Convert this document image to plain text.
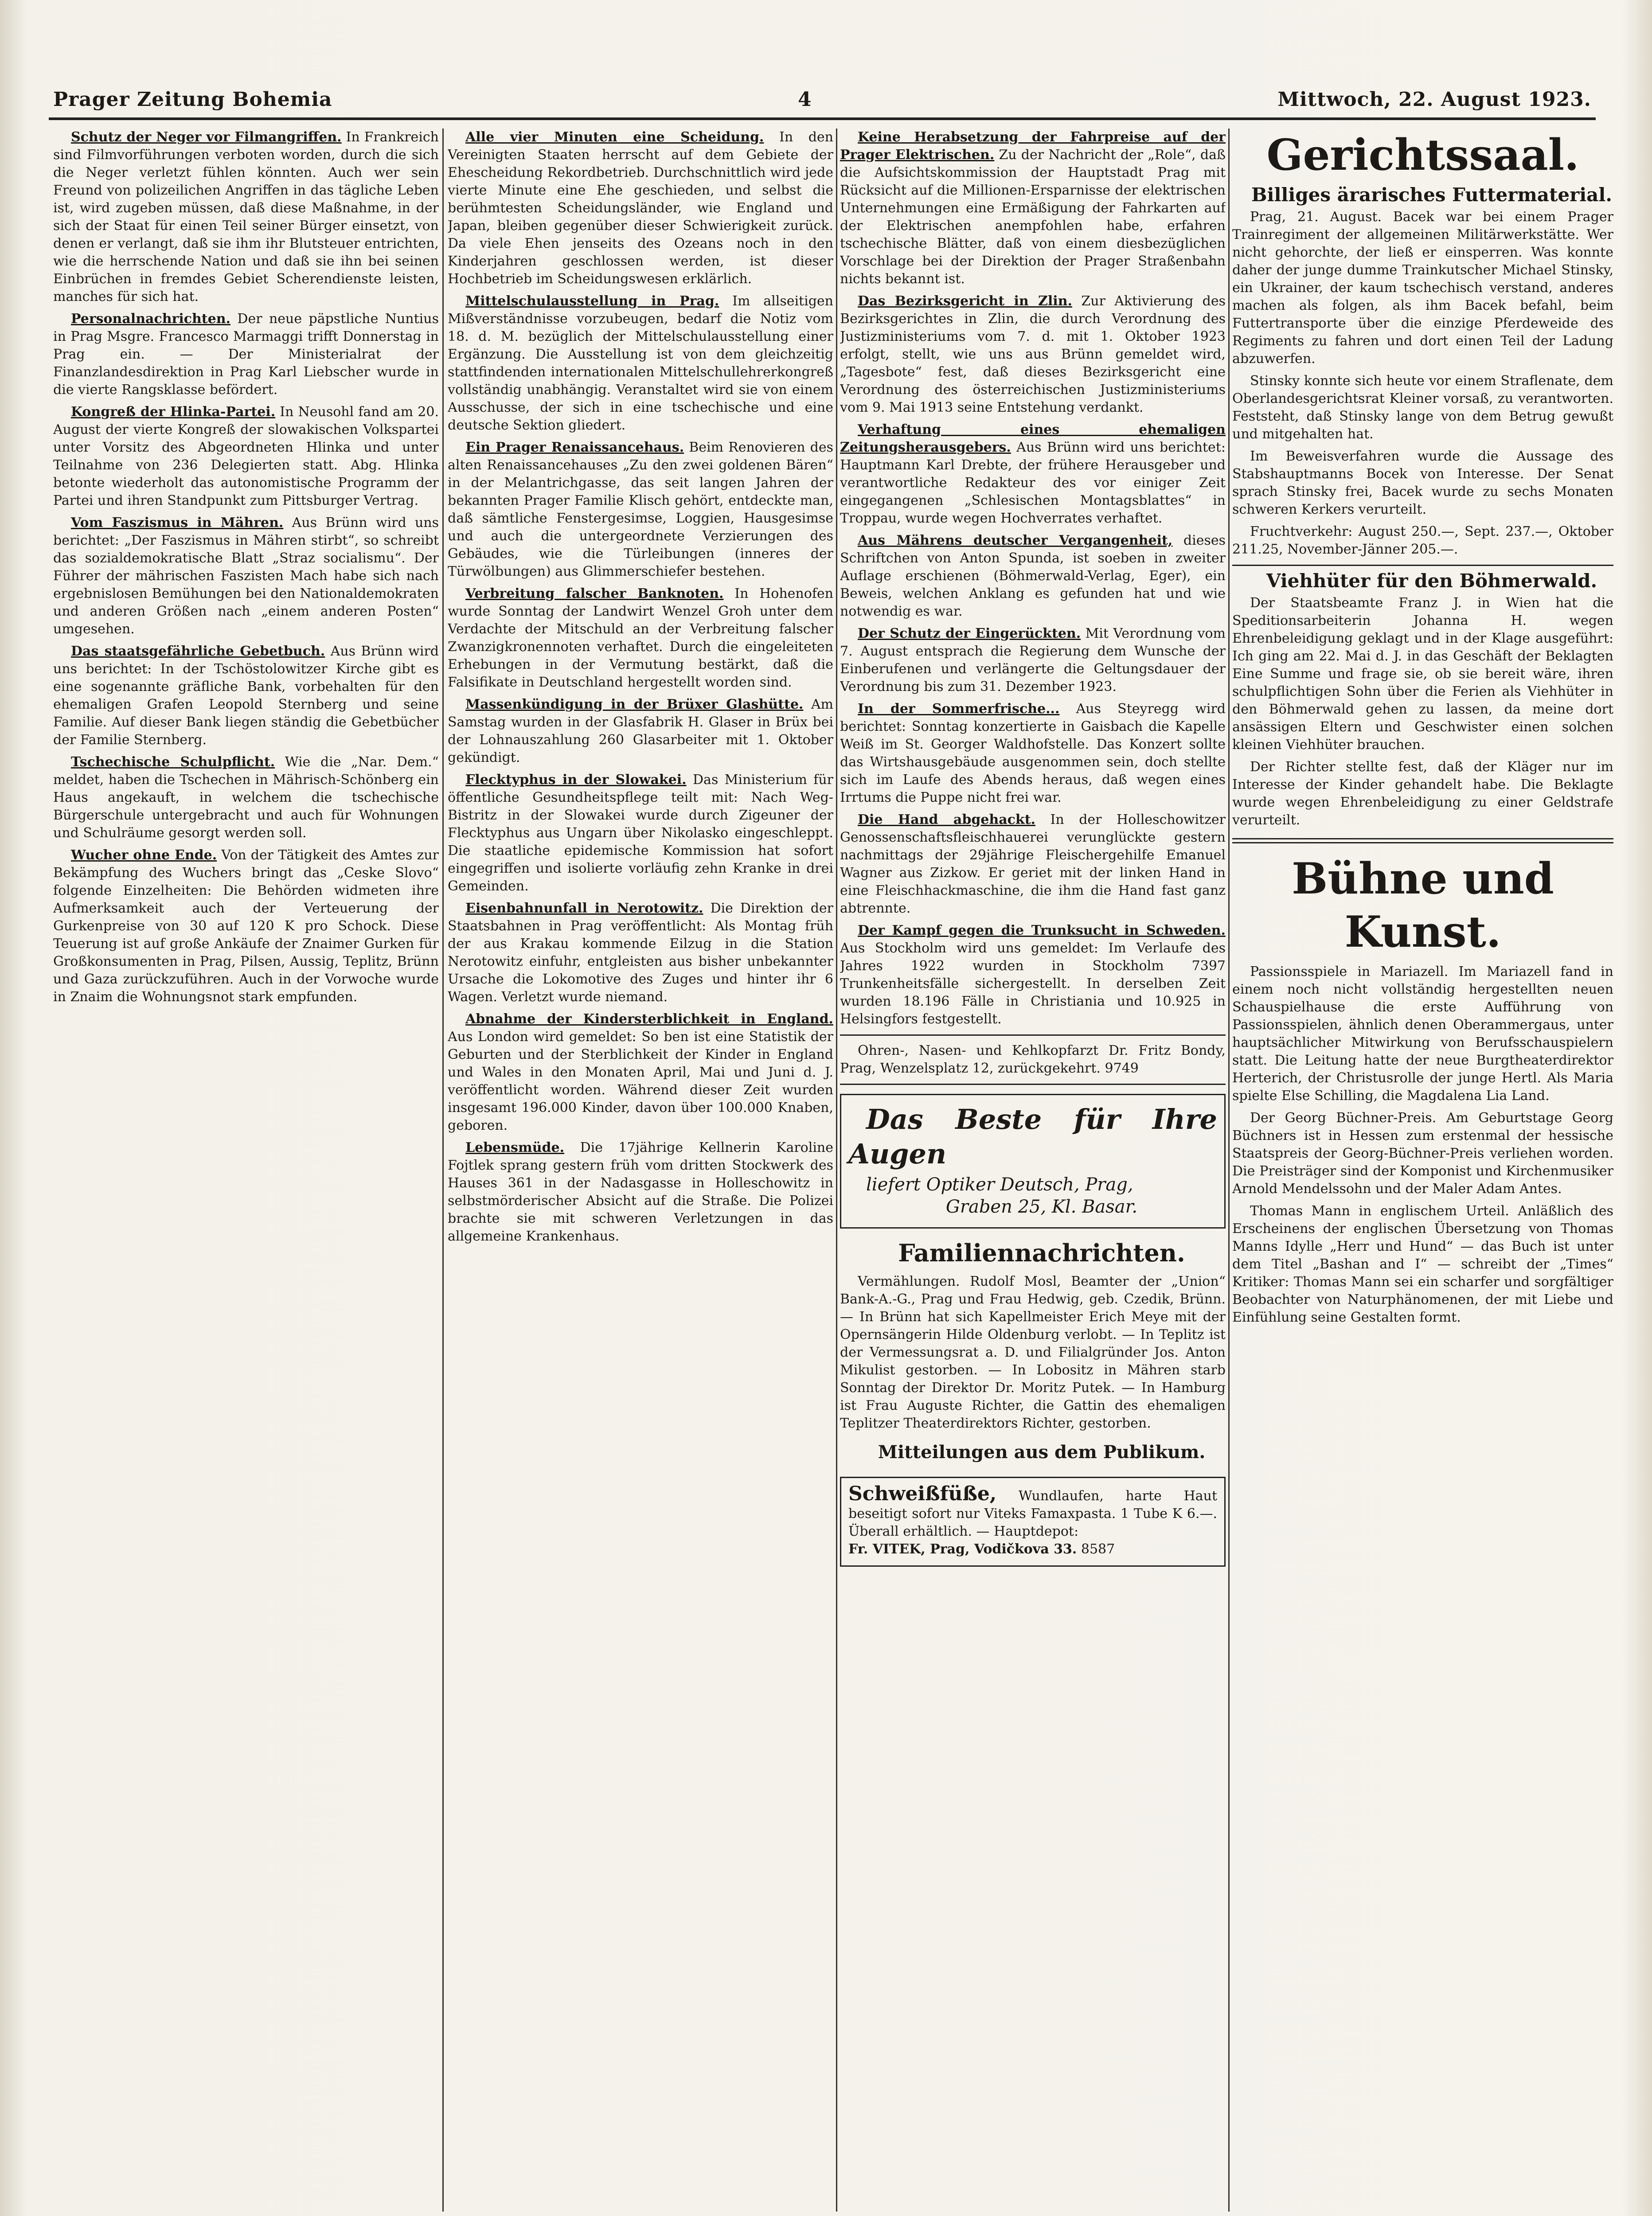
Prager Zeitung Bohemia	4	Mittwoch, 22. August 1923.

Schutz der Neger vor Filmangriffen. In Frankreich sind Filmvorführungen verboten worden, durch die sich die Neger verletzt fühlen könnten. Auch wer sein Freund von polizeilichen Angriffen in das tägliche Leben ist, wird zugeben müssen, daß diese Maßnahme, in der sich der Staat für einen Teil seiner Bürger einsetzt, von denen er verlangt, daß sie ihm ihr Blutsteuer entrichten, wie die herrschende Nation und daß sie ihn bei seinen Einbrüchen in fremdes Gebiet Scherendienste leisten, manches für sich hat.

Personalnachrichten. Der neue päpstliche Nuntius in Prag Msgre. Francesco Marmaggi trifft Donnerstag in Prag ein. — Der Ministerialrat der Finanzlandesdirektion in Prag Karl Liebscher wurde in die vierte Rangsklasse befördert.

Kongreß der Hlinka-Partei. In Neusohl fand am 20. August der vierte Kongreß der slowakischen Volkspartei unter Vorsitz des Abgeordneten Hlinka und unter Teilnahme von 236 Delegierten statt. Abg. Hlinka betonte wiederholt das autonomistische Programm der Partei und ihren Standpunkt zum Pittsburger Vertrag.

Vom Faszismus in Mähren. Aus Brünn wird uns berichtet: „Der Faszismus in Mähren stirbt“, so schreibt das sozialdemokratische Blatt „Straz socialismu“. Der Führer der mährischen Faszisten Mach habe sich nach ergebnislosen Bemühungen bei den Nationaldemokraten und anderen Größen nach „einem anderen Posten“ umgesehen.

Das staatsgefährliche Gebetbuch. Aus Brünn wird uns berichtet: In der Tschöstolowitzer Kirche gibt es eine sogenannte gräfliche Bank, vorbehalten für den ehemaligen Grafen Leopold Sternberg und seine Familie. Auf dieser Bank liegen ständig die Gebetbücher der Familie Sternberg.

Tschechische Schulpflicht. Wie die „Nar. Dem.“ meldet, haben die Tschechen in Mährisch-Schönberg ein Haus angekauft, in welchem die tschechische Bürgerschule untergebracht und auch für Wohnungen und Schulräume gesorgt werden soll.

Wucher ohne Ende. Von der Tätigkeit des Amtes zur Bekämpfung des Wuchers bringt das „Ceske Slovo“ folgende Einzelheiten: Die Behörden widmeten ihre Aufmerksamkeit auch der Verteuerung der Gurkenpreise von 30 auf 120 K pro Schock. Diese Teuerung ist auf große Ankäufe der Znaimer Gurken für Großkonsumenten in Prag, Pilsen, Aussig, Teplitz, Brünn und Gaza zurückzuführen. Auch in der Vorwoche wurde in Znaim die Wohnungsnot stark empfunden.

Alle vier Minuten eine Scheidung. In den Vereinigten Staaten herrscht auf dem Gebiete der Ehescheidung Rekordbetrieb. Durchschnittlich wird jede vierte Minute eine Ehe geschieden, und selbst die berühmtesten Scheidungsländer, wie England und Japan, bleiben gegenüber dieser Schwierigkeit zurück. Da viele Ehen jenseits des Ozeans noch in den Kinderjahren geschlossen werden, ist dieser Hochbetrieb im Scheidungswesen erklärlich.

Mittelschulausstellung in Prag. Im allseitigen Mißverständnisse vorzubeugen, bedarf die Notiz vom 18. d. M. bezüglich der Mittelschulausstellung einer Ergänzung. Die Ausstellung ist von dem gleichzeitig stattfindenden internationalen Mittelschullehrerkongreß vollständig unabhängig. Veranstaltet wird sie von einem Ausschusse, der sich in eine tschechische und eine deutsche Sektion gliedert.

Ein Prager Renaissancehaus. Beim Renovieren des alten Renaissancehauses „Zu den zwei goldenen Bären“ in der Melantrichgasse, das seit langen Jahren der bekannten Prager Familie Klisch gehört, entdeckte man, daß sämtliche Fenstergesimse, Loggien, Hausgesimse und auch die untergeordnete Verzierungen des Gebäudes, wie die Türleibungen (inneres der Türwölbungen) aus Glimmerschiefer bestehen.

Verbreitung falscher Banknoten. In Hohenofen wurde Sonntag der Landwirt Wenzel Groh unter dem Verdachte der Mitschuld an der Verbreitung falscher Zwanzigkronennoten verhaftet. Durch die eingeleiteten Erhebungen in der Vermutung bestärkt, daß die Falsifikate in Deutschland hergestellt worden sind.

Massenkündigung in der Brüxer Glashütte. Am Samstag wurden in der Glasfabrik H. Glaser in Brüx bei der Lohnauszahlung 260 Glasarbeiter mit 1. Oktober gekündigt.

Flecktyphus in der Slowakei. Das Ministerium für öffentliche Gesundheitspflege teilt mit: Nach Weg-Bistritz in der Slowakei wurde durch Zigeuner der Flecktyphus aus Ungarn über Nikolasko eingeschleppt. Die staatliche epidemische Kommission hat sofort eingegriffen und isolierte vorläufig zehn Kranke in drei Gemeinden.

Eisenbahnunfall in Nerotowitz. Die Direktion der Staatsbahnen in Prag veröffentlicht: Als Montag früh der aus Krakau kommende Eilzug in die Station Nerotowitz einfuhr, entgleisten aus bisher unbekannter Ursache die Lokomotive des Zuges und hinter ihr 6 Wagen. Verletzt wurde niemand.

Abnahme der Kindersterblichkeit in England. Aus London wird gemeldet: So ben ist eine Statistik der Geburten und der Sterblichkeit der Kinder in England und Wales in den Monaten April, Mai und Juni d. J. veröffentlicht worden. Während dieser Zeit wurden insgesamt 196.000 Kinder, davon über 100.000 Knaben, geboren.

Lebensmüde. Die 17jährige Kellnerin Karoline Fojtlek sprang gestern früh vom dritten Stockwerk des Hauses 361 in der Nadasgasse in Holleschowitz in selbstmörderischer Absicht auf die Straße. Die Polizei brachte sie mit schweren Verletzungen in das allgemeine Krankenhaus.

Keine Herabsetzung der Fahrpreise auf der Prager Elektrischen. Zu der Nachricht der „Role“, daß die Aufsichtskommission der Hauptstadt Prag mit Rücksicht auf die Millionen-Ersparnisse der elektrischen Unternehmungen eine Ermäßigung der Fahrkarten auf der Elektrischen anempfohlen habe, erfahren tschechische Blätter, daß von einem diesbezüglichen Vorschlage bei der Direktion der Prager Straßenbahn nichts bekannt ist.

Das Bezirksgericht in Zlin. Zur Aktivierung des Bezirksgerichtes in Zlin, die durch Verordnung des Justizministeriums vom 7. d. mit 1. Oktober 1923 erfolgt, stellt, wie uns aus Brünn gemeldet wird, „Tagesbote“ fest, daß dieses Bezirksgericht eine Verordnung des österreichischen Justizministeriums vom 9. Mai 1913 seine Entstehung verdankt.

Verhaftung eines ehemaligen Zeitungsherausgebers. Aus Brünn wird uns berichtet: Hauptmann Karl Drebte, der frühere Herausgeber und verantwortliche Redakteur des vor einiger Zeit eingegangenen „Schlesischen Montagsblattes“ in Troppau, wurde wegen Hochverrates verhaftet.

Aus Mährens deutscher Vergangenheit, dieses Schriftchen von Anton Spunda, ist soeben in zweiter Auflage erschienen (Böhmerwald-Verlag, Eger), ein Beweis, welchen Anklang es gefunden hat und wie notwendig es war.

Der Schutz der Eingerückten. Mit Verordnung vom 7. August entsprach die Regierung dem Wunsche der Einberufenen und verlängerte die Geltungsdauer der Verordnung bis zum 31. Dezember 1923.

In der Sommerfrische... Aus Steyregg wird berichtet: Sonntag konzertierte in Gaisbach die Kapelle Weiß im St. Georger Waldhofstelle. Das Konzert sollte das Wirtshausgebäude ausgenommen sein, doch stellte sich im Laufe des Abends heraus, daß wegen eines Irrtums die Puppe nicht frei war.

Die Hand abgehackt. In der Holleschowitzer Genossenschaftsfleischhauerei verunglückte gestern nachmittags der 29jährige Fleischergehilfe Emanuel Wagner aus Zizkow. Er geriet mit der linken Hand in eine Fleischhackmaschine, die ihm die Hand fast ganz abtrennte.

Der Kampf gegen die Trunksucht in Schweden. Aus Stockholm wird uns gemeldet: Im Verlaufe des Jahres 1922 wurden in Stockholm 7397 Trunkenheitsfälle sichergestellt. In derselben Zeit wurden 18.196 Fälle in Christiania und 10.925 in Helsingfors festgestellt.

Ohren-, Nasen- und Kehlkopfarzt Dr. Fritz Bondy, Prag, Wenzelsplatz 12, zurückgekehrt. 9749

Das Beste für Ihre Augen

liefert Optiker Deutsch, Prag,

Graben 25, Kl. Basar.

Familiennachrichten.

Vermählungen. Rudolf Mosl, Beamter der „Union“ Bank-A.-G., Prag und Frau Hedwig, geb. Czedik, Brünn. — In Brünn hat sich Kapellmeister Erich Meye mit der Opernsängerin Hilde Oldenburg verlobt. — In Teplitz ist der Vermessungsrat a. D. und Filialgründer Jos. Anton Mikulist gestorben. — In Lobositz in Mähren starb Sonntag der Direktor Dr. Moritz Putek. — In Hamburg ist Frau Auguste Richter, die Gattin des ehemaligen Teplitzer Theaterdirektors Richter, gestorben.

Mitteilungen aus dem Publikum.

Schweißfüße, Wundlaufen, harte Haut beseitigt sofort nur Viteks Famaxpasta. 1 Tube K 6.—. Überall erhältlich. — Hauptdepot:

Fr. VITEK, Prag, Vodičkova 33. 8587

Gerichtssaal.

Billiges ärarisches Futtermaterial.

Prag, 21. August. Bacek war bei einem Prager Trainregiment der allgemeinen Militärwerkstätte. Wer nicht gehorchte, der ließ er einsperren. Was konnte daher der junge dumme Trainkutscher Michael Stinsky, ein Ukrainer, der kaum tschechisch verstand, anderes machen als folgen, als ihm Bacek befahl, beim Futtertransporte über die einzige Pferdeweide des Regiments zu fahren und dort einen Teil der Ladung abzuwerfen.

Stinsky konnte sich heute vor einem Straflenate, dem Oberlandesgerichtsrat Kleiner vorsaß, zu verantworten. Feststeht, daß Stinsky lange von dem Betrug gewußt und mitgehalten hat.

Im Beweisverfahren wurde die Aussage des Stabshauptmanns Bocek von Interesse. Der Senat sprach Stinsky frei, Bacek wurde zu sechs Monaten schweren Kerkers verurteilt.

Fruchtverkehr: August 250.—, Sept. 237.—, Oktober 211.25, November-Jänner 205.—.

Viehhüter für den Böhmerwald.

Der Staatsbeamte Franz J. in Wien hat die Speditionsarbeiterin Johanna H. wegen Ehrenbeleidigung geklagt und in der Klage ausgeführt: Ich ging am 22. Mai d. J. in das Geschäft der Beklagten Eine Summe und frage sie, ob sie bereit wäre, ihren schulpflichtigen Sohn über die Ferien als Viehhüter in den Böhmerwald gehen zu lassen, da meine dort ansässigen Eltern und Geschwister einen solchen kleinen Viehhüter brauchen.

Der Richter stellte fest, daß der Kläger nur im Interesse der Kinder gehandelt habe. Die Beklagte wurde wegen Ehrenbeleidigung zu einer Geldstrafe verurteilt.

Bühne und Kunst.

Passionsspiele in Mariazell. Im Mariazell fand in einem noch nicht vollständig hergestellten neuen Schauspielhause die erste Aufführung von Passionsspielen, ähnlich denen Oberammergaus, unter hauptsächlicher Mitwirkung von Berufsschauspielern statt. Die Leitung hatte der neue Burgtheaterdirektor Herterich, der Christusrolle der junge Hertl. Als Maria spielte Else Schilling, die Magdalena Lia Land.

Der Georg Büchner-Preis. Am Geburtstage Georg Büchners ist in Hessen zum erstenmal der hessische Staatspreis der Georg-Büchner-Preis verliehen worden. Die Preisträger sind der Komponist und Kirchenmusiker Arnold Mendelssohn und der Maler Adam Antes.

Thomas Mann in englischem Urteil. Anläßlich des Erscheinens der englischen Übersetzung von Thomas Manns Idylle „Herr und Hund“ — das Buch ist unter dem Titel „Bashan and I“ — schreibt der „Times“ Kritiker: Thomas Mann sei ein scharfer und sorgfältiger Beobachter von Naturphänomenen, der mit Liebe und Einfühlung seine Gestalten formt.
